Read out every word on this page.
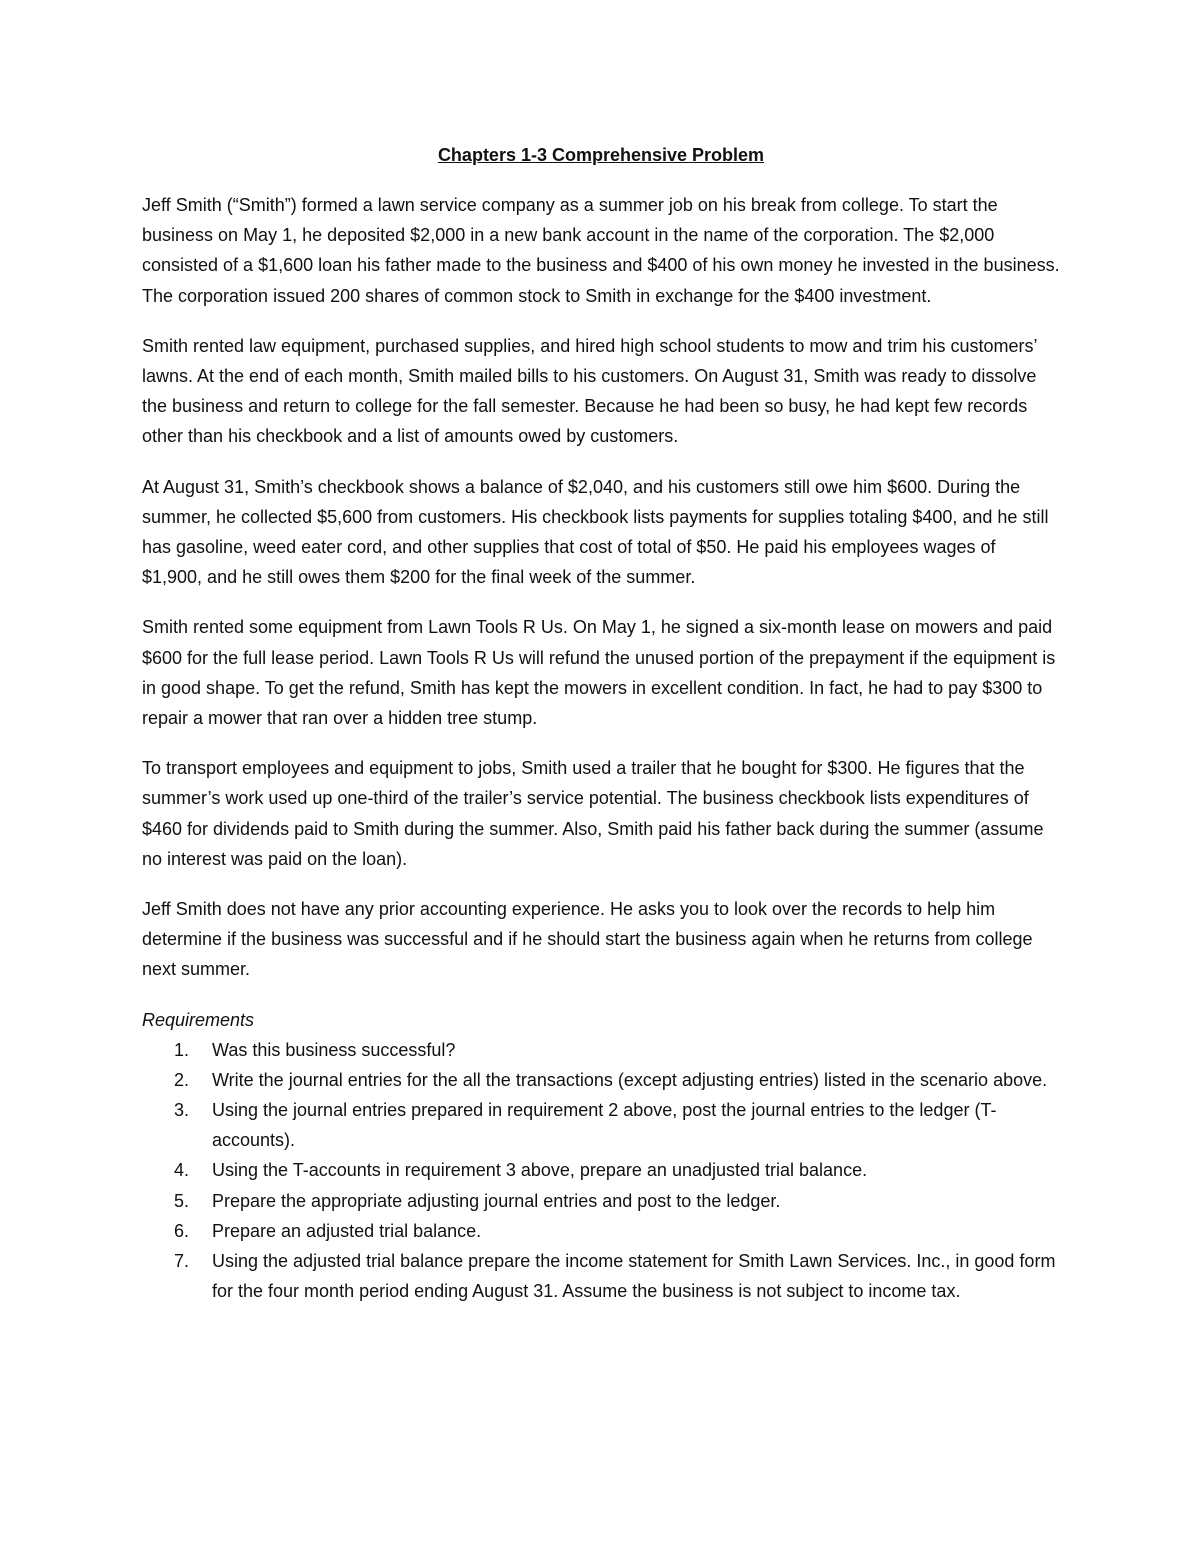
Chapters 1-3 Comprehensive Problem

Jeff Smith (“Smith”) formed a lawn service company as a summer job on his break from college. To start the business on May 1, he deposited $2,000 in a new bank account in the name of the corporation. The $2,000 consisted of a $1,600 loan his father made to the business and $400 of his own money he invested in the business. The corporation issued 200 shares of common stock to Smith in exchange for the $400 investment.

Smith rented law equipment, purchased supplies, and hired high school students to mow and trim his customers’ lawns. At the end of each month, Smith mailed bills to his customers. On August 31, Smith was ready to dissolve the business and return to college for the fall semester. Because he had been so busy, he had kept few records other than his checkbook and a list of amounts owed by customers.

At August 31, Smith’s checkbook shows a balance of $2,040, and his customers still owe him $600. During the summer, he collected $5,600 from customers. His checkbook lists payments for supplies totaling $400, and he still has gasoline, weed eater cord, and other supplies that cost of total of $50. He paid his employees wages of $1,900, and he still owes them $200 for the final week of the summer.

Smith rented some equipment from Lawn Tools R Us. On May 1, he signed a six-month lease on mowers and paid $600 for the full lease period. Lawn Tools R Us will refund the unused portion of the prepayment if the equipment is in good shape. To get the refund, Smith has kept the mowers in excellent condition. In fact, he had to pay $300 to repair a mower that ran over a hidden tree stump.

To transport employees and equipment to jobs, Smith used a trailer that he bought for $300. He figures that the summer’s work used up one-third of the trailer’s service potential. The business checkbook lists expenditures of $460 for dividends paid to Smith during the summer. Also, Smith paid his father back during the summer (assume no interest was paid on the loan).

Jeff Smith does not have any prior accounting experience. He asks you to look over the records to help him determine if the business was successful and if he should start the business again when he returns from college next summer.

Requirements
1. Was this business successful?
2. Write the journal entries for the all the transactions (except adjusting entries) listed in the scenario above.
3. Using the journal entries prepared in requirement 2 above, post the journal entries to the ledger (T-accounts).
4. Using the T-accounts in requirement 3 above, prepare an unadjusted trial balance.
5. Prepare the appropriate adjusting journal entries and post to the ledger.
6. Prepare an adjusted trial balance.
7. Using the adjusted trial balance prepare the income statement for Smith Lawn Services. Inc., in good form for the four month period ending August 31. Assume the business is not subject to income tax.
